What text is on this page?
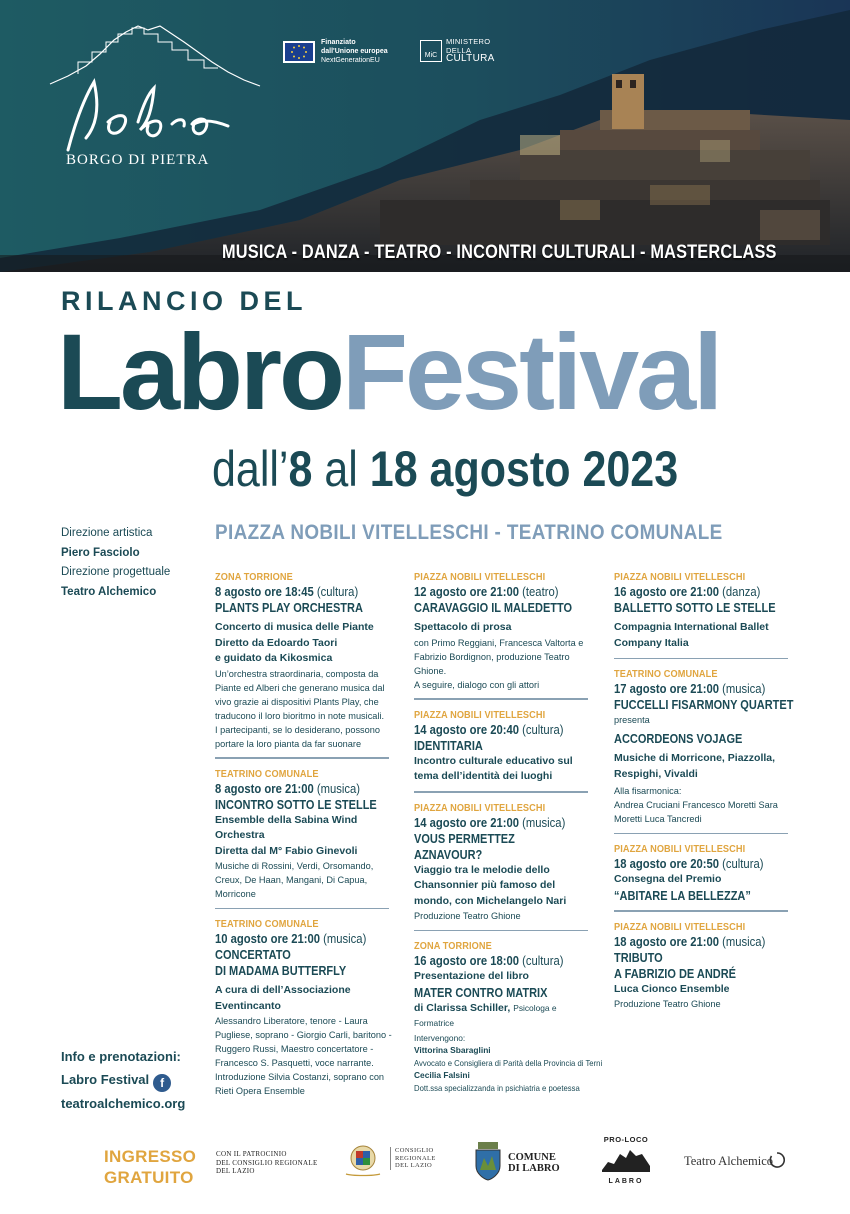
BORGO DI PIETRA
Finanziato
dall'Unione europea
NextGenerationEU
MiC
MINISTERO
DELLA
CULTURA
MUSICA - DANZA - TEATRO - INCONTRI CULTURALI - MASTERCLASS
RILANCIO DEL
LabroFestival
dall’8 al 18 agosto 2023
PIAZZA NOBILI VITELLESCHI - TEATRINO COMUNALE
Direzione artistica
Piero Fasciolo
Direzione progettuale
Teatro Alchemico
Info e prenotazioni:
Labro Festival f
teatroalchemico.org
ZONA TORRIONE
8 agosto ore 18:45 (cultura)
PLANTS PLAY ORCHESTRA
Concerto di musica delle Piante
Diretto da Edoardo Taori
e guidato da Kikosmica
Un’orchestra straordinaria, composta da Piante ed Alberi che generano musica dal vivo grazie ai dispositivi Plants Play, che traducono il loro bioritmo in note musicali.
I partecipanti, se lo desiderano, possono portare la loro pianta da far suonare
TEATRINO COMUNALE
8 agosto ore 21:00 (musica)
INCONTRO SOTTO LE STELLE
Ensemble della Sabina Wind Orchestra
Diretta dal M° Fabio Ginevoli
Musiche di Rossini, Verdi, Orsomando, Creux, De Haan, Mangani, Di Capua, Morricone
TEATRINO COMUNALE
10 agosto ore 21:00 (musica)
CONCERTATO
DI MADAMA BUTTERFLY
A cura di dell’Associazione Eventincanto
Alessandro Liberatore, tenore - Laura Pugliese, soprano - Giorgio Carli, baritono - Ruggero Russi, Maestro concertatore - Francesco S. Pasquetti, voce narrante. Introduzione Silvia Costanzi, soprano con Rieti Opera Ensemble
PIAZZA NOBILI VITELLESCHI
12 agosto ore 21:00 (teatro)
CARAVAGGIO IL MALEDETTO
Spettacolo di prosa
con Primo Reggiani, Francesca Valtorta e Fabrizio Bordignon, produzione Teatro Ghione.
A seguire, dialogo con gli attori
PIAZZA NOBILI VITELLESCHI
14 agosto ore 20:40 (cultura)
IDENTITARIA
Incontro culturale educativo sul tema dell’identità dei luoghi
PIAZZA NOBILI VITELLESCHI
14 agosto ore 21:00 (musica)
VOUS PERMETTEZ
AZNAVOUR?
Viaggio tra le melodie dello Chansonnier più famoso del mondo, con Michelangelo Nari
Produzione Teatro Ghione
ZONA TORRIONE
16 agosto ore 18:00 (cultura)
Presentazione del libro
MATER CONTRO MATRIX
di Clarissa Schiller, Psicologa e Formatrice
Intervengono:
Vittorina Sbaraglini
Avvocato e Consigliera di Parità della Provincia di Terni
Cecilia Falsini
Dott.ssa specializzanda in psichiatria e poetessa
PIAZZA NOBILI VITELLESCHI
16 agosto ore 21:00 (danza)
BALLETTO SOTTO LE STELLE
Compagnia International Ballet Company Italia
TEATRINO COMUNALE
17 agosto ore 21:00 (musica)
FUCCELLI FISARMONY QUARTET
presenta
ACCORDEONS VOJAGE
Musiche di Morricone, Piazzolla, Respighi, Vivaldi
Alla fisarmonica:
Andrea Cruciani Francesco Moretti Sara Moretti Luca Tancredi
PIAZZA NOBILI VITELLESCHI
18 agosto ore 20:50 (cultura)
Consegna del Premio
“ABITARE LA BELLEZZA”
PIAZZA NOBILI VITELLESCHI
18 agosto ore 21:00 (musica)
TRIBUTO
A FABRIZIO DE ANDRÉ
Luca Cionco Ensemble
Produzione Teatro Ghione
INGRESSO
GRATUITO
CON IL PATROCINIO
DEL CONSIGLIO REGIONALE
DEL LAZIO
CONSIGLIO
REGIONALE
DEL LAZIO
COMUNE
DI LABRO
PRO-LOCO
LABRO
Teatro Alchemico
